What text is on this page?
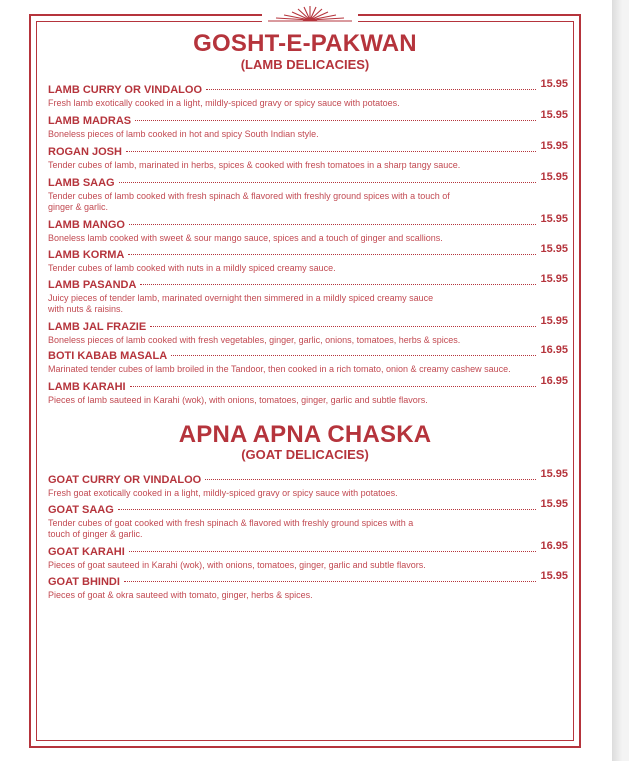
GOSHT-E-PAKWAN
(LAMB DELICACIES)
LAMB CURRY OR VINDALOO	15.95
Fresh lamb exotically cooked in a light, mildly-spiced gravy or spicy sauce with potatoes.
LAMB MADRAS	15.95
Boneless pieces of lamb cooked in hot and spicy South Indian style.
ROGAN JOSH	15.95
Tender cubes of lamb, marinated in herbs, spices & cooked with fresh tomatoes in a sharp tangy sauce.
LAMB SAAG	15.95
Tender cubes of lamb cooked with fresh spinach & flavored with freshly ground spices with a touch of
ginger & garlic.
LAMB MANGO	15.95
Boneless lamb cooked with sweet & sour mango sauce, spices and a touch of ginger and scallions.
LAMB KORMA	15.95
Tender cubes of lamb cooked with nuts in a mildly spiced creamy sauce.
LAMB PASANDA	15.95
Juicy pieces of tender lamb, marinated overnight then simmered in a mildly spiced creamy sauce
with nuts & raisins.
LAMB JAL FRAZIE	15.95
Boneless pieces of lamb cooked with fresh vegetables, ginger, garlic, onions, tomatoes, herbs & spices.
BOTI KABAB MASALA	16.95
Marinated tender cubes of lamb broiled in the Tandoor, then cooked in a rich tomato, onion & creamy cashew sauce.
LAMB KARAHI	16.95
Pieces of lamb sauteed in Karahi (wok), with onions, tomatoes, ginger, garlic and subtle flavors.
APNA APNA CHASKA
(GOAT DELICACIES)
GOAT CURRY OR VINDALOO	15.95
Fresh goat exotically cooked in a light, mildly-spiced gravy or spicy sauce with potatoes.
GOAT SAAG	15.95
Tender cubes of goat cooked with fresh spinach & flavored with freshly ground spices with a
touch of ginger & garlic.
GOAT KARAHI	16.95
Pieces of goat sauteed in Karahi (wok), with onions, tomatoes, ginger, garlic and subtle flavors.
GOAT BHINDI	15.95
Pieces of goat & okra sauteed with tomato, ginger, herbs & spices.
